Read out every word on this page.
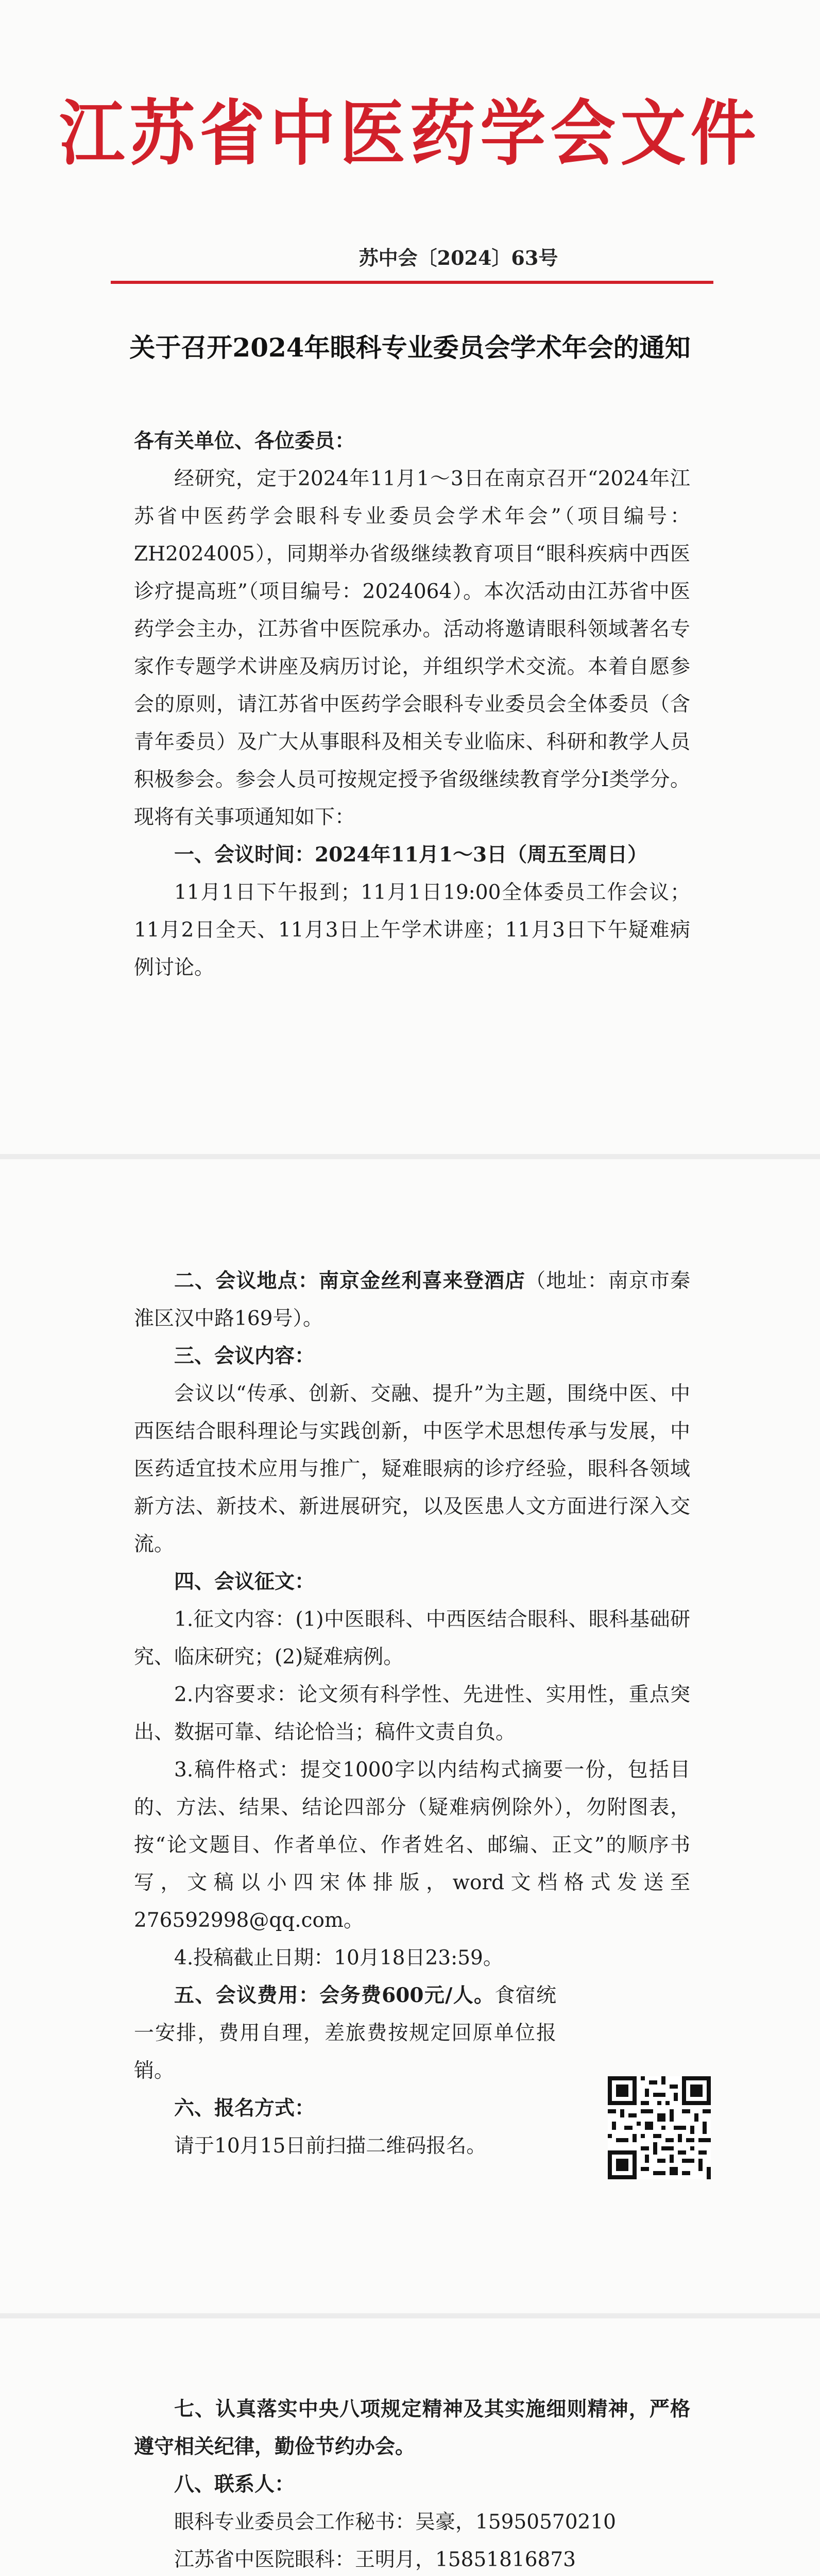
江苏省中医药学会文件
苏中会〔2024〕63号
关于召开2024年眼科专业委员会学术年会的通知

各有关单位、各位委员：

经研究，定于2024年11月1～3日在南京召开“2024年江苏省中医药学会眼科专业委员会学术年会”（项目编号：ZH2024005），同期举办省级继续教育项目“眼科疾病中西医诊疗提高班”（项目编号：2024064）。本次活动由江苏省中医药学会主办，江苏省中医院承办。活动将邀请眼科领域著名专家作专题学术讲座及病历讨论，并组织学术交流。本着自愿参会的原则，请江苏省中医药学会眼科专业委员会全体委员（含青年委员）及广大从事眼科及相关专业临床、科研和教学人员积极参会。参会人员可按规定授予省级继续教育学分I类学分。现将有关事项通知如下：

一、会议时间：2024年11月1～3日（周五至周日）

11月1日下午报到；11月1日19:00全体委员工作会议；11月2日全天、11月3日上午学术讲座；11月3日下午疑难病例讨论。

二、会议地点：南京金丝利喜来登酒店（地址：南京市秦淮区汉中路169号）。

三、会议内容：

会议以“传承、创新、交融、提升”为主题，围绕中医、中西医结合眼科理论与实践创新，中医学术思想传承与发展，中医药适宜技术应用与推广，疑难眼病的诊疗经验，眼科各领域新方法、新技术、新进展研究，以及医患人文方面进行深入交流。

四、会议征文：

1.征文内容：(1)中医眼科、中西医结合眼科、眼科基础研究、临床研究；(2)疑难病例。

2.内容要求：论文须有科学性、先进性、实用性，重点突出、数据可靠、结论恰当；稿件文责自负。

3.稿件格式：提交1000字以内结构式摘要一份，包括目的、方法、结果、结论四部分（疑难病例除外），勿附图表，按“论文题目、作者单位、作者姓名、邮编、正文”的顺序书写，文稿以小四宋体排版，word文档格式发送至276592998@qq.com。

4.投稿截止日期：10月18日23:59。

五、会议费用：会务费600元/人。食宿统一安排，费用自理，差旅费按规定回原单位报销。

六、报名方式：

请于10月15日前扫描二维码报名。

七、认真落实中央八项规定精神及其实施细则精神，严格遵守相关纪律，勤俭节约办会。

八、联系人：

眼科专业委员会工作秘书：吴豪，15950570210

江苏省中医院眼科：王明月，15851816873
